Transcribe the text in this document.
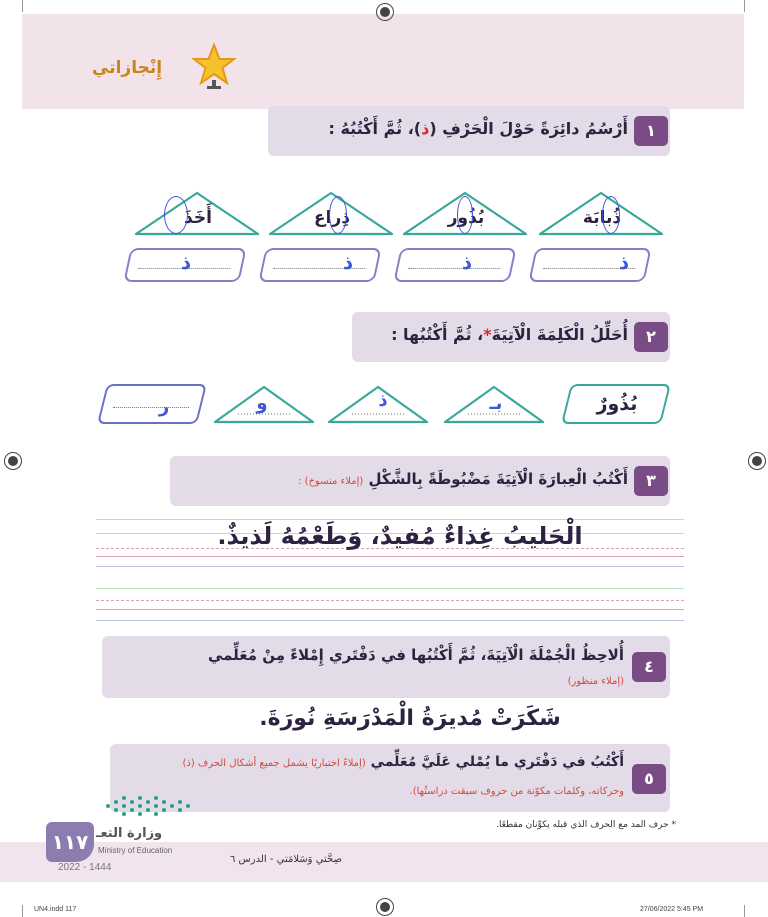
إِنْجازاتي
١
أَرْسُمُ دائِرَةً حَوْلَ الْحَرْفِ (ذ)، ثُمَّ أَكْتُبُهُ :
ذُبابَة
بُذُور
ذِراع
أَخَذَ
ذ
ذ
ذ
ذ
٢
أُحَلِّلُ الْكَلِمَةَ الْآتِيَةَ*، ثُمَّ أَكْتُبُها :
بُذُورٌ
بـ
ذ
و
ر
٣
أَكْتُبُ الْعِبارَةَ الْآتِيَةَ مَضْبُوطَةً بِالشَّكْلِ (إملاء منسوخ) :
الْحَليبُ غِذاءٌ مُفيدٌ، وَطَعْمُهُ لَذيذٌ.
٤
أُلاحِظُ الْجُمْلَةَ الْآتِيَةَ، ثُمَّ أَكْتُبُها في دَفْتَري إِمْلاءً مِنْ مُعَلِّمي
(إملاء منظور)
شَكَرَتْ مُديرَةُ الْمَدْرَسَةِ نُورَةَ.
٥
أَكْتُبُ في دَفْتَري ما يُمْلي عَلَيَّ مُعَلِّمي (إملاءً اختباريًا يشمل جميع أشكال الحرف (ذ)
وحركاته، وكلمات مكوّنة من حروف سبقت دراستُها).
* حرف المد مع الحرف الذي قبله يكوِّنان مقطعًا.
صِحَّتي وَسَلامَتي - الدرس ٦
١١٧ وزارة التعـ
Ministry of Education
2022 - 1444
UN4.indd 117	27/06/2022 5:45 PM
